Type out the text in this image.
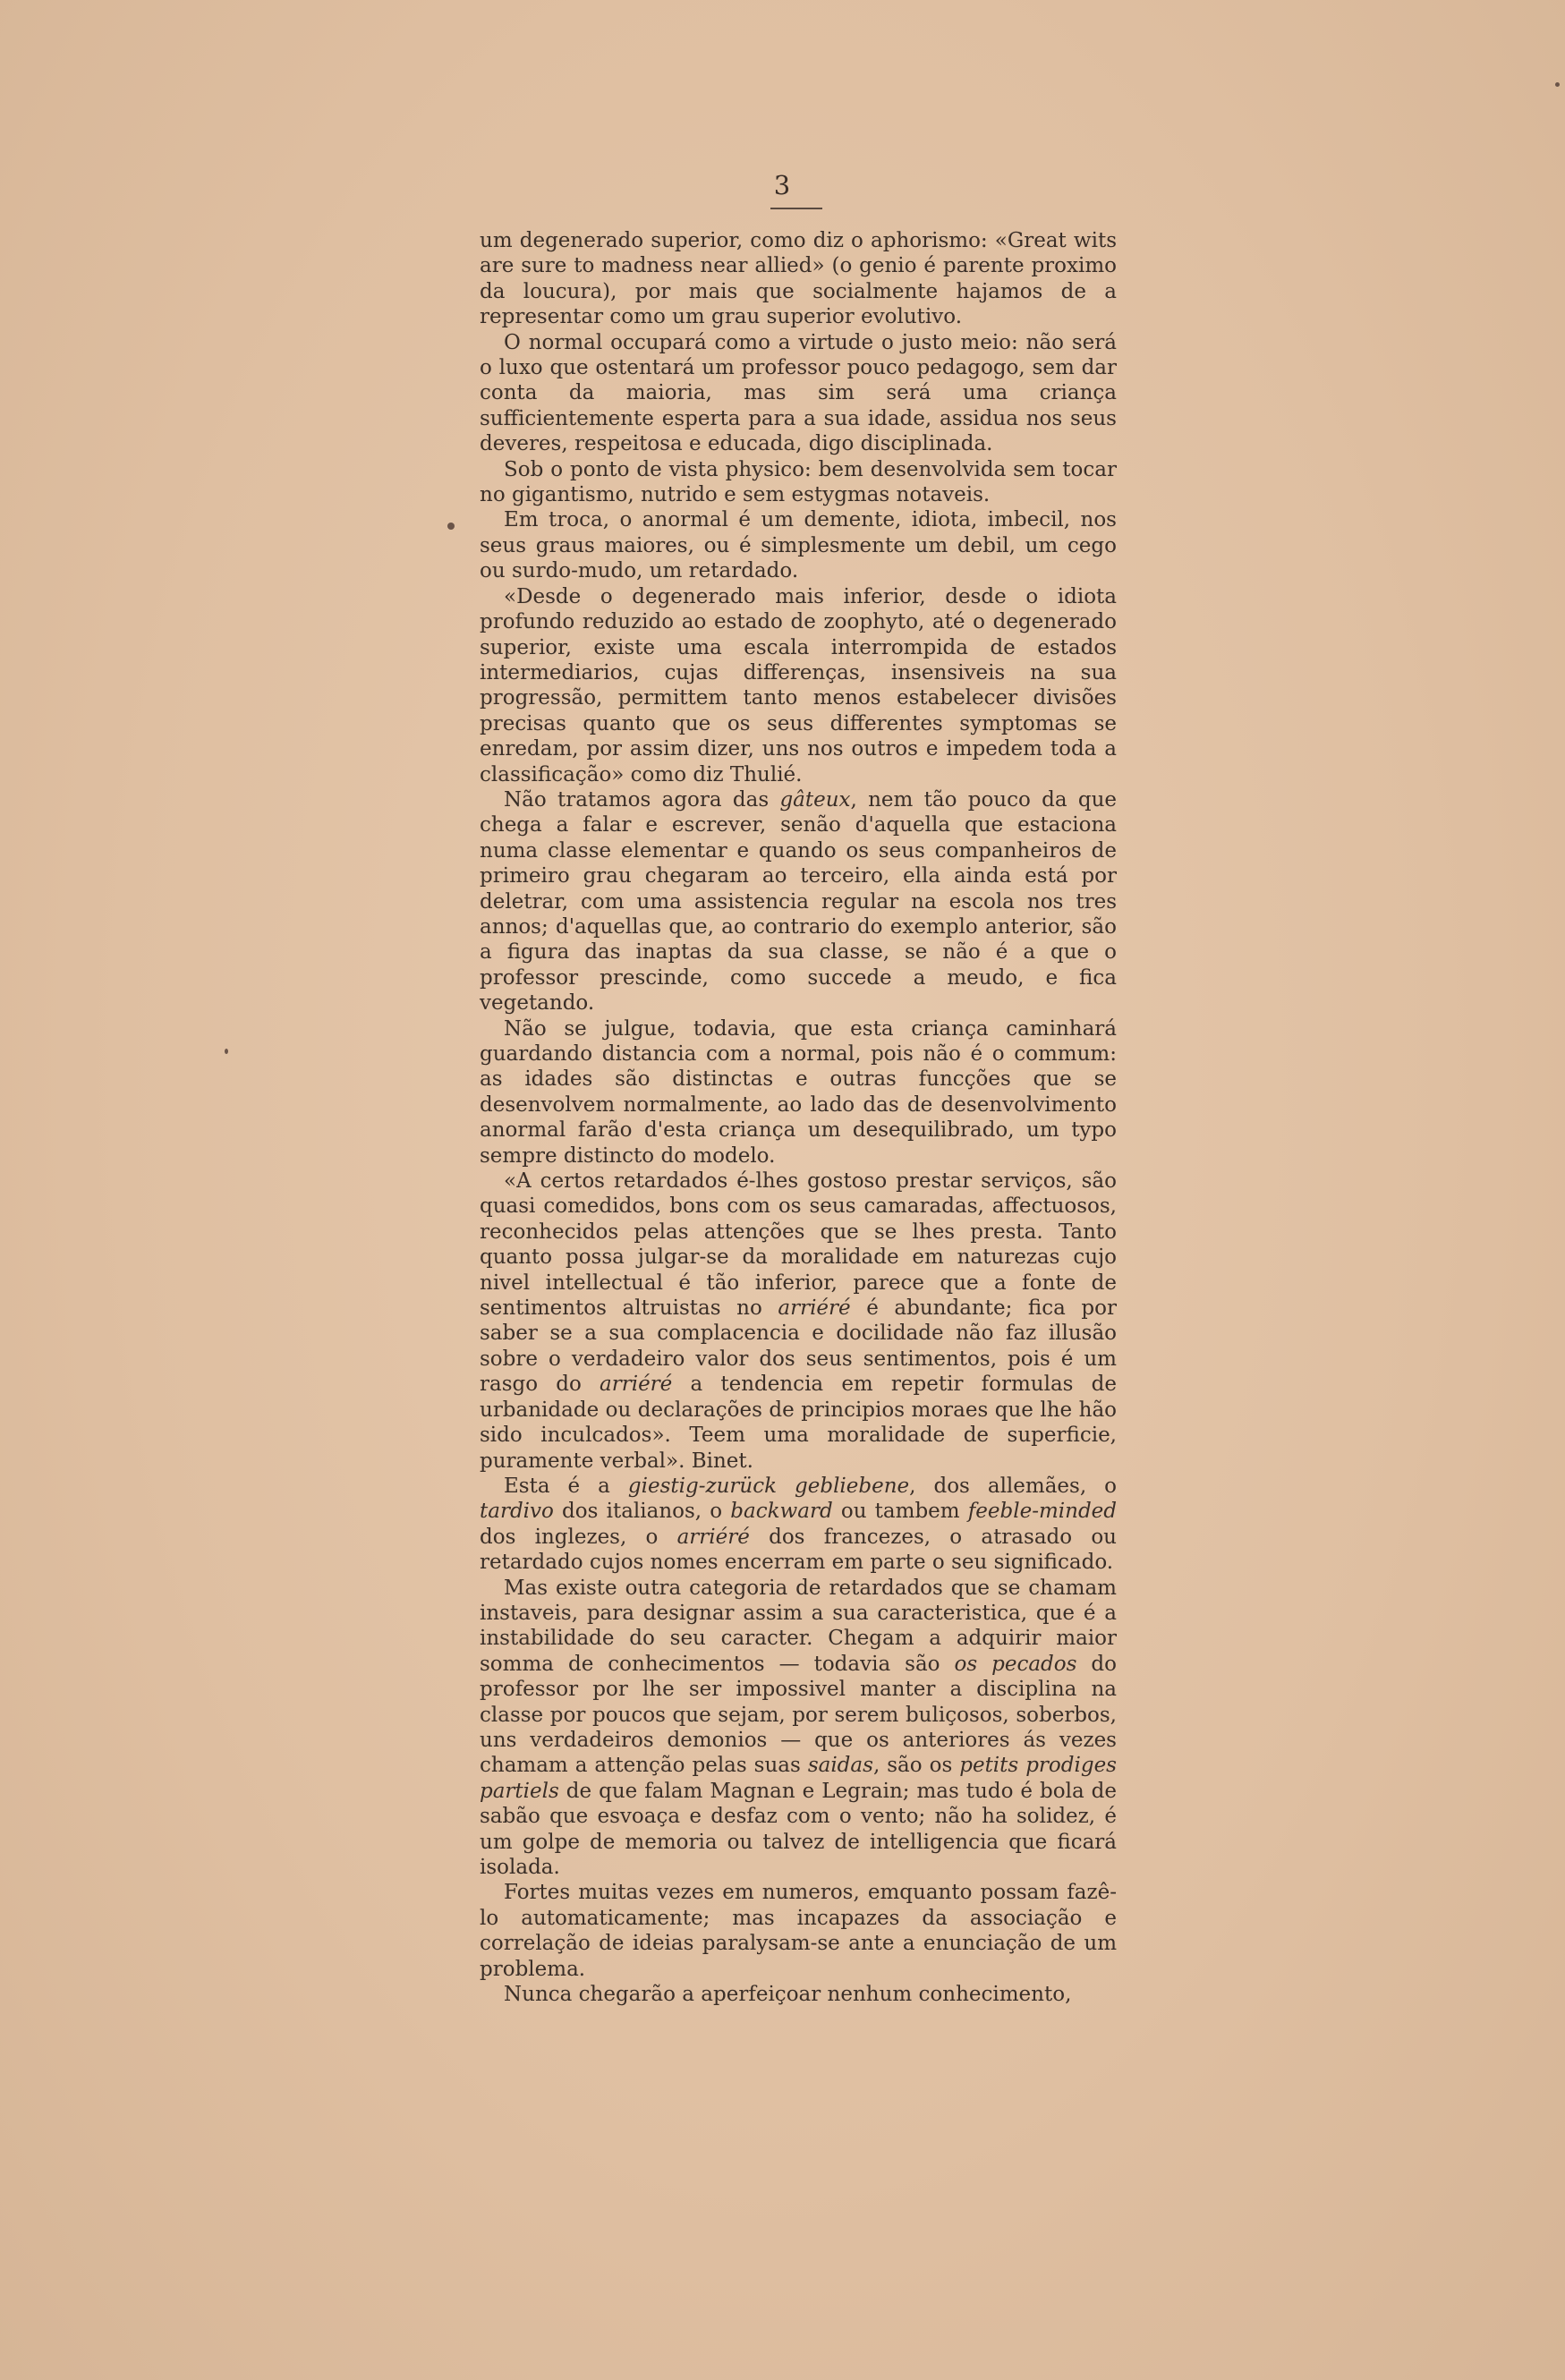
3

um degenerado superior, como diz o aphorismo: «Great wits are sure to madness near allied» (o genio é parente proximo da loucura), por mais que socialmente hajamos de a representar como um grau superior evolutivo.

O normal occupará como a virtude o justo meio: não será o luxo que ostentará um professor pouco pedagogo, sem dar conta da maioria, mas sim será uma criança sufficientemente esperta para a sua idade, assidua nos seus deveres, respeitosa e educada, digo disciplinada.

Sob o ponto de vista physico: bem desenvolvida sem tocar no gigantismo, nutrido e sem estygmas notaveis.

Em troca, o anormal é um demente, idiota, imbecil, nos seus graus maiores, ou é simplesmente um debil, um cego ou surdo-mudo, um retardado.

«Desde o degenerado mais inferior, desde o idiota profundo reduzido ao estado de zoophyto, até o degenerado superior, existe uma escala interrompida de estados intermediarios, cujas differenças, insensiveis na sua progressão, permittem tanto menos estabelecer divisões precisas quanto que os seus differentes symptomas se enredam, por assim dizer, uns nos outros e impedem toda a classificação» como diz Thulié.

Não tratamos agora das gâteux, nem tão pouco da que chega a falar e escrever, senão d'aquella que estaciona numa classe elementar e quando os seus companheiros de primeiro grau chegaram ao terceiro, ella ainda está por deletrar, com uma assistencia regular na escola nos tres annos; d'aquellas que, ao contrario do exemplo anterior, são a figura das inaptas da sua classe, se não é a que o professor prescinde, como succede a meudo, e fica vegetando.

Não se julgue, todavia, que esta criança caminhará guardando distancia com a normal, pois não é o commum: as idades são distinctas e outras funcções que se desenvolvem normalmente, ao lado das de desenvolvimento anormal farão d'esta criança um desequilibrado, um typo sempre distincto do modelo.

«A certos retardados é-lhes gostoso prestar serviços, são quasi comedidos, bons com os seus camaradas, affectuosos, reconhecidos pelas attenções que se lhes presta. Tanto quanto possa julgar-se da moralidade em naturezas cujo nivel intellectual é tão inferior, parece que a fonte de sentimentos altruistas no arriéré é abundante; fica por saber se a sua complacencia e docilidade não faz illusão sobre o verdadeiro valor dos seus sentimentos, pois é um rasgo do arriéré a tendencia em repetir formulas de urbanidade ou declarações de principios moraes que lhe hão sido inculcados». Teem uma moralidade de superficie, puramente verbal». Binet.

Esta é a giestig-zurück gebliebene, dos allemães, o tardivo dos italianos, o backward ou tambem feeble-minded dos inglezes, o arriéré dos francezes, o atrasado ou retardado cujos nomes encerram em parte o seu significado.

Mas existe outra categoria de retardados que se chamam instaveis, para designar assim a sua caracteristica, que é a instabilidade do seu caracter. Chegam a adquirir maior somma de conhecimentos — todavia são os pecados do professor por lhe ser impossivel manter a disciplina na classe por poucos que sejam, por serem buliçosos, soberbos, uns verdadeiros demonios — que os anteriores ás vezes chamam a attenção pelas suas saidas, são os petits prodiges partiels de que falam Magnan e Legrain; mas tudo é bola de sabão que esvoaça e desfaz com o vento; não ha solidez, é um golpe de memoria ou talvez de intelligencia que ficará isolada.

Fortes muitas vezes em numeros, emquanto possam fazê-lo automaticamente; mas incapazes da associação e correlação de ideias paralysam-se ante a enunciação de um problema.

Nunca chegarão a aperfeiçoar nenhum conhecimento,
